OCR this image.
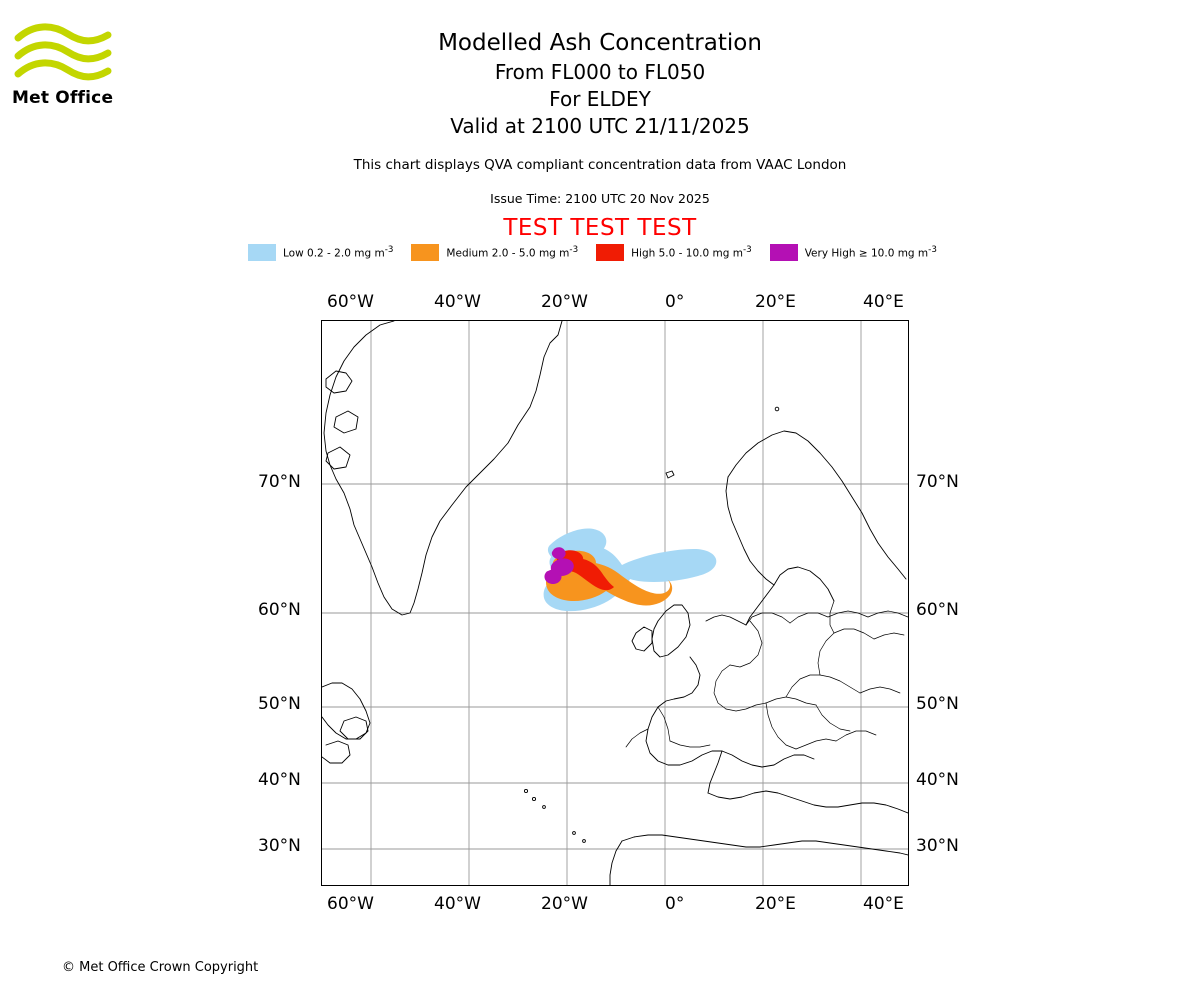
Met Office
Modelled Ash Concentration
From FL000 to FL050
For ELDEY
Valid at 2100 UTC 21/11/2025
This chart displays QVA compliant concentration data from VAAC London
Issue Time: 2100 UTC 20 Nov 2025
TEST TEST TEST
Low 0.2 - 2.0 mg $m^{-3}$	Medium 2.0 - 5.0 mg $m^{-3}$	High 5.0 - 10.0 mg $m^{-3}$	Very High ≥ 10.0 mg $m^{-3}$
60°W	40°W	20°W	0°	20°E	40°E
60°W	40°W	20°W	0°	20°E	40°E
70°N
60°N
50°N
40°N
30°N
70°N
60°N
50°N
40°N
30°N
© Met Office Crown Copyright
